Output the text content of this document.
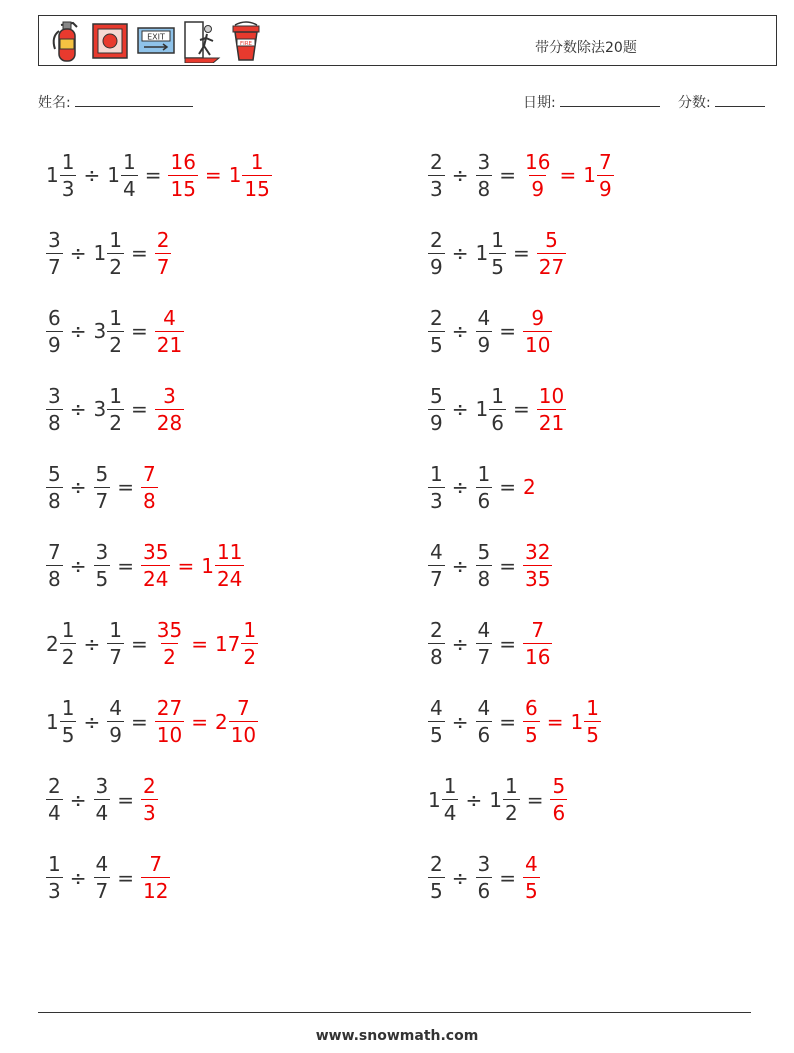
EXIT
FIRE	带分数除法20题
姓名:	日期:	分数:
$1 \frac{1}{3} \div 1 \frac{1}{4} = \frac{16}{15} = 1 \frac{1}{15}$	$\frac{2}{3} \div \frac{3}{8} = \frac{16}{9} = 1 \frac{7}{9}$
$\frac{3}{7} \div 1 \frac{1}{2} = \frac{2}{7}$	$\frac{2}{9} \div 1 \frac{1}{5} = \frac{5}{27}$
$\frac{6}{9} \div 3 \frac{1}{2} = \frac{4}{21}$	$\frac{2}{5} \div \frac{4}{9} = \frac{9}{10}$
$\frac{3}{8} \div 3 \frac{1}{2} = \frac{3}{28}$	$\frac{5}{9} \div 1 \frac{1}{6} = \frac{10}{21}$
$\frac{5}{8} \div \frac{5}{7} = \frac{7}{8}$	$\frac{1}{3} \div \frac{1}{6} = 2$
$\frac{7}{8} \div \frac{3}{5} = \frac{35}{24} = 1 \frac{11}{24}$	$\frac{4}{7} \div \frac{5}{8} = \frac{32}{35}$
$2 \frac{1}{2} \div \frac{1}{7} = \frac{35}{2} = 17 \frac{1}{2}$	$\frac{2}{8} \div \frac{4}{7} = \frac{7}{16}$
$1 \frac{1}{5} \div \frac{4}{9} = \frac{27}{10} = 2 \frac{7}{10}$	$\frac{4}{5} \div \frac{4}{6} = \frac{6}{5} = 1 \frac{1}{5}$
$\frac{2}{4} \div \frac{3}{4} = \frac{2}{3}$	$1 \frac{1}{4} \div 1 \frac{1}{2} = \frac{5}{6}$
$\frac{1}{3} \div \frac{4}{7} = \frac{7}{12}$	$\frac{2}{5} \div \frac{3}{6} = \frac{4}{5}$
www.snowmath.com
